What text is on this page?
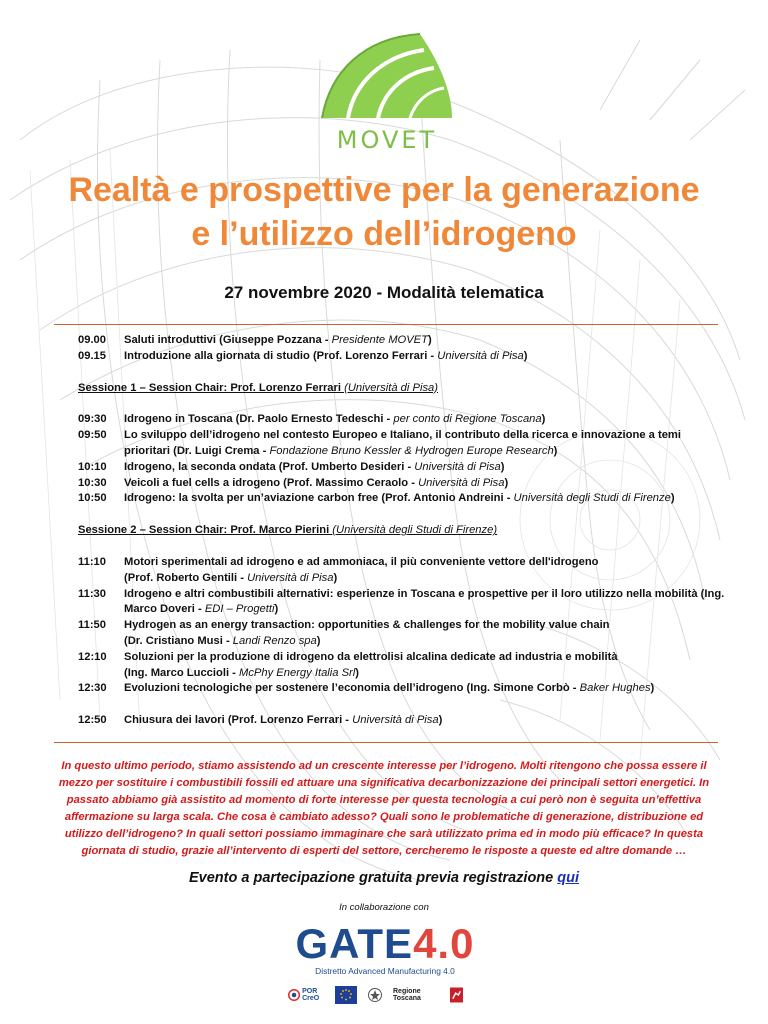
MOVET
Realtà e prospettive per la generazione
e l’utilizzo dell’idrogeno
27 novembre 2020 - Modalità telematica
09.00	Saluti introduttivi (Giuseppe Pozzana - Presidente MOVET)
09.15	Introduzione alla giornata di studio (Prof. Lorenzo Ferrari - Università di Pisa)
Sessione 1 – Session Chair: Prof. Lorenzo Ferrari (Università di Pisa)
09:30	Idrogeno in Toscana (Dr. Paolo Ernesto Tedeschi - per conto di Regione Toscana)
09:50	Lo sviluppo dell’idrogeno nel contesto Europeo e Italiano, il contributo della ricerca e innovazione a temi prioritari (Dr. Luigi Crema - Fondazione Bruno Kessler & Hydrogen Europe Research)
10:10	Idrogeno, la seconda ondata (Prof. Umberto Desideri - Università di Pisa)
10:30	Veicoli a fuel cells a idrogeno (Prof. Massimo Ceraolo - Università di Pisa)
10:50	Idrogeno: la svolta per un’aviazione carbon free (Prof. Antonio Andreini - Università degli Studi di Firenze)
Sessione 2 – Session Chair: Prof. Marco Pierini (Università degli Studi di Firenze)
11:10	Motori sperimentali ad idrogeno e ad ammoniaca, il più conveniente vettore dell'idrogeno
(Prof. Roberto Gentili - Università di Pisa)
11:30	Idrogeno e altri combustibili alternativi: esperienze in Toscana e prospettive per il loro utilizzo nella mobilità (Ing. Marco Doveri - EDI – Progetti)
11:50	Hydrogen as an energy transaction: opportunities & challenges for the mobility value chain
(Dr. Cristiano Musi - Landi Renzo spa)
12:10	Soluzioni per la produzione di idrogeno da elettrolisi alcalina dedicate ad industria e mobilità
(Ing. Marco Luccioli - McPhy Energy Italia Srl)
12:30	Evoluzioni tecnologiche per sostenere l’economia dell’idrogeno (Ing. Simone Corbò - Baker Hughes)
12:50	Chiusura dei lavori (Prof. Lorenzo Ferrari - Università di Pisa)
In questo ultimo periodo, stiamo assistendo ad un crescente interesse per l’idrogeno. Molti ritengono che possa essere il mezzo per sostituire i combustibili fossili ed attuare una significativa decarbonizzazione dei principali settori energetici. In passato abbiamo già assistito ad momento di forte interesse per questa tecnologia a cui però non è seguita un’effettiva affermazione su larga scala. Che cosa è cambiato adesso? Quali sono le problematiche di generazione, distribuzione ed utilizzo dell’idrogeno? In quali settori possiamo immaginare che sarà utilizzato prima ed in modo più efficace? In questa giornata di studio, grazie all’intervento di esperti del settore, cercheremo le risposte a queste ed altre domande …
Evento a partecipazione gratuita previa registrazione qui
In collaborazione con
GATE4.0
Distretto Advanced Manufacturing 4.0
POR CreO
Regione Toscana
